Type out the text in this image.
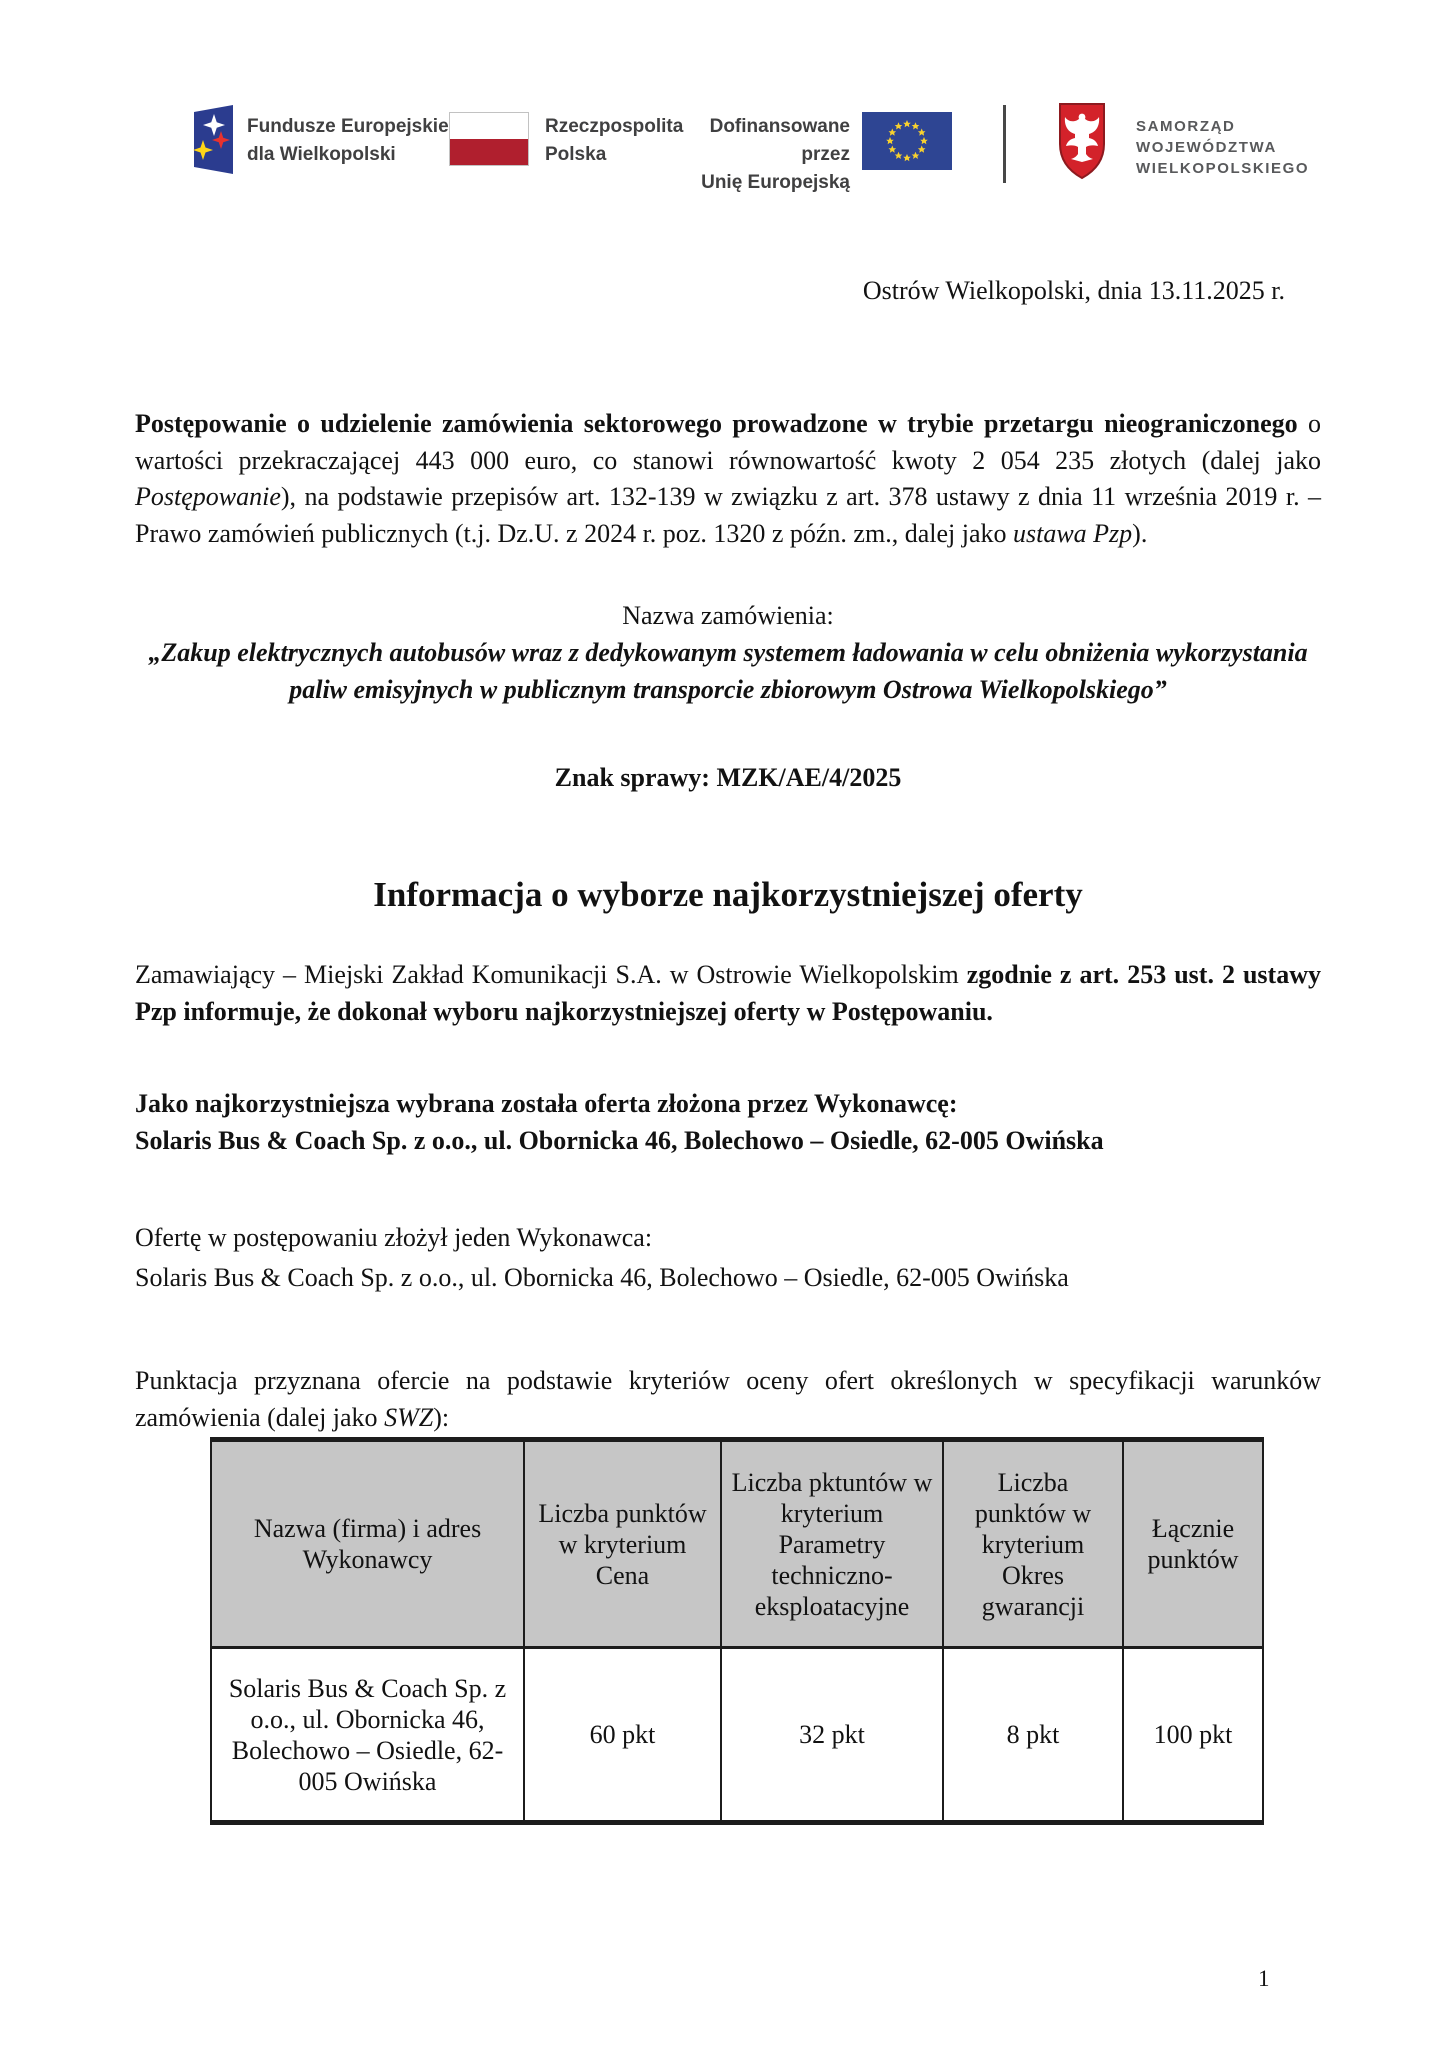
Fundusze Europejskie
dla Wielkopolski
Rzeczpospolita
Polska
Dofinansowane przez
Unię Europejską
SAMORZĄD
WOJEWÓDZTWA
WIELKOPOLSKIEGO
Ostrów Wielkopolski, dnia 13.11.2025 r.

Postępowanie o udzielenie zamówienia sektorowego prowadzone w trybie przetargu nieograniczonego o wartości przekraczającej 443 000 euro, co stanowi równowartość kwoty 2 054 235 złotych (dalej jako Postępowanie), na podstawie przepisów art. 132-139 w związku z art. 378 ustawy z dnia 11 września 2019 r. – Prawo zamówień publicznych (t.j. Dz.U. z 2024 r. poz. 1320 z późn. zm., dalej jako ustawa Pzp).

Nazwa zamówienia:
„Zakup elektrycznych autobusów wraz z dedykowanym systemem ładowania w celu obniżenia wykorzystania paliw emisyjnych w publicznym transporcie zbiorowym Ostrowa Wielkopolskiego”
Znak sprawy: MZK/AE/4/2025
Informacja o wyborze najkorzystniejszej oferty

Zamawiający – Miejski Zakład Komunikacji S.A. w Ostrowie Wielkopolskim zgodnie z art. 253 ust. 2 ustawy Pzp informuje, że dokonał wyboru najkorzystniejszej oferty w Postępowaniu.

Jako najkorzystniejsza wybrana została oferta złożona przez Wykonawcę:
Solaris Bus & Coach Sp. z o.o., ul. Obornicka 46, Bolechowo – Osiedle, 62-005 Owińska
Ofertę w postępowaniu złożył jeden Wykonawca:
Solaris Bus & Coach Sp. z o.o., ul. Obornicka 46, Bolechowo – Osiedle, 62-005 Owińska

Punktacja przyznana ofercie na podstawie kryteriów oceny ofert określonych w specyfikacji warunków zamówienia (dalej jako SWZ):

Nazwa (firma) i adres Wykonawcy	Liczba punktów w kryterium Cena	Liczba pktuntów w kryterium Parametry techniczno-eksploatacyjne	Liczba punktów w kryterium Okres gwarancji	Łącznie punktów
Solaris Bus & Coach Sp. z o.o., ul. Obornicka 46, Bolechowo – Osiedle, 62-005 Owińska	60 pkt	32 pkt	8 pkt	100 pkt
1
